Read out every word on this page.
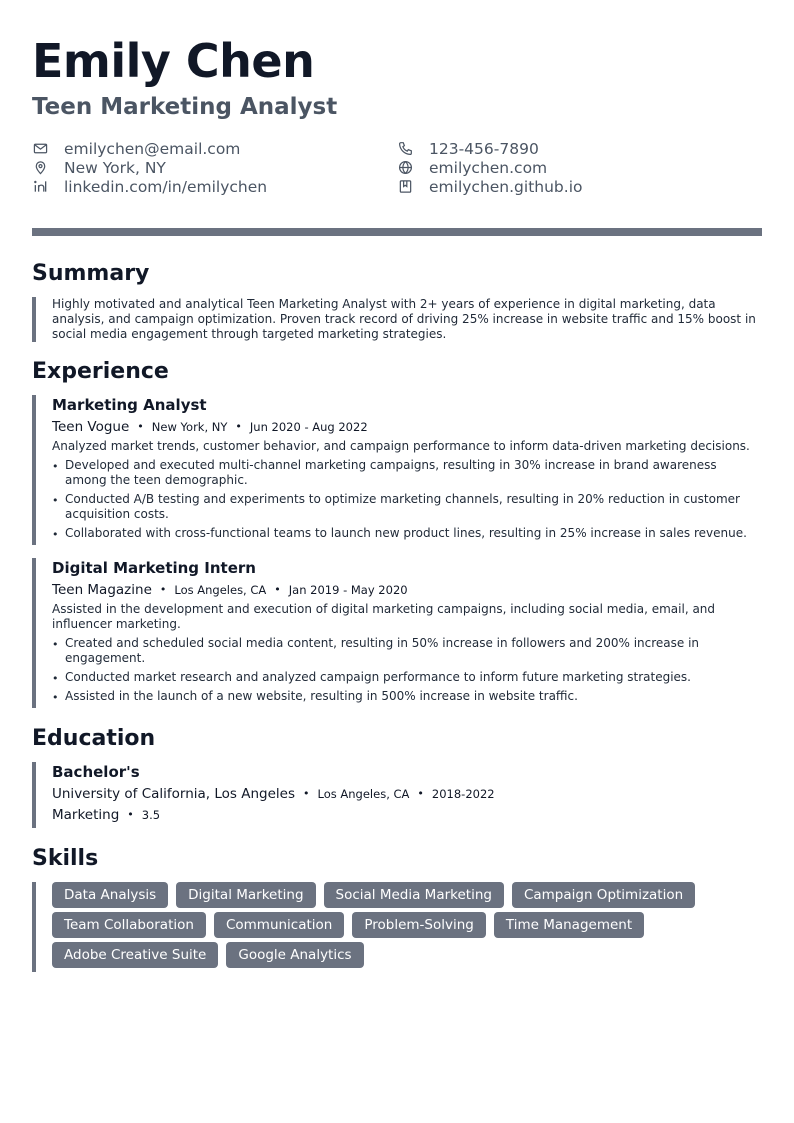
Emily Chen
Teen Marketing Analyst
emilychen@email.com
New York, NY
linkedin.com/in/emilychen
123-456-7890
emilychen.com
emilychen.github.io
Summary
Highly motivated and analytical Teen Marketing Analyst with 2+ years of experience in digital marketing, data analysis, and campaign optimization. Proven track record of driving 25% increase in website traffic and 15% boost in social media engagement through targeted marketing strategies.
Experience
Marketing Analyst
Teen Vogue • New York, NY • Jun 2020 - Aug 2022
Analyzed market trends, customer behavior, and campaign performance to inform data-driven marketing decisions.
• Developed and executed multi-channel marketing campaigns, resulting in 30% increase in brand awareness among the teen demographic.
• Conducted A/B testing and experiments to optimize marketing channels, resulting in 20% reduction in customer acquisition costs.
• Collaborated with cross-functional teams to launch new product lines, resulting in 25% increase in sales revenue.
Digital Marketing Intern
Teen Magazine • Los Angeles, CA • Jan 2019 - May 2020
Assisted in the development and execution of digital marketing campaigns, including social media, email, and influencer marketing.
• Created and scheduled social media content, resulting in 50% increase in followers and 200% increase in engagement.
• Conducted market research and analyzed campaign performance to inform future marketing strategies.
• Assisted in the launch of a new website, resulting in 500% increase in website traffic.
Education
Bachelor's
University of California, Los Angeles • Los Angeles, CA • 2018-2022
Marketing • 3.5
Skills
Data Analysis	Digital Marketing	Social Media Marketing	Campaign Optimization
Team Collaboration	Communication	Problem-Solving	Time Management
Adobe Creative Suite	Google Analytics
